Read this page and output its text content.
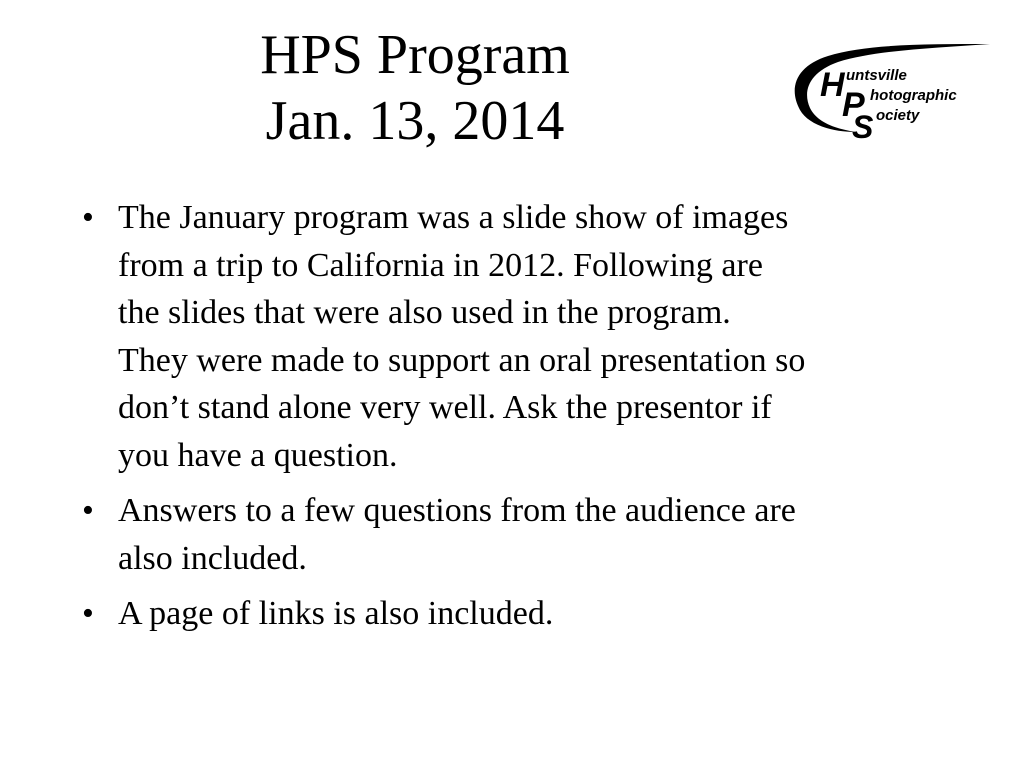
HPS Program
Jan. 13, 2014
H
P
S
untsville
hotographic
ociety
• The January program was a slide show of images
from a trip to California in 2012. Following are
the slides that were also used in the program.
They were made to support an oral presentation so
don’t stand alone very well. Ask the presentor if
you have a question.
• Answers to a few questions from the audience are
also included.
• A page of links is also included.
